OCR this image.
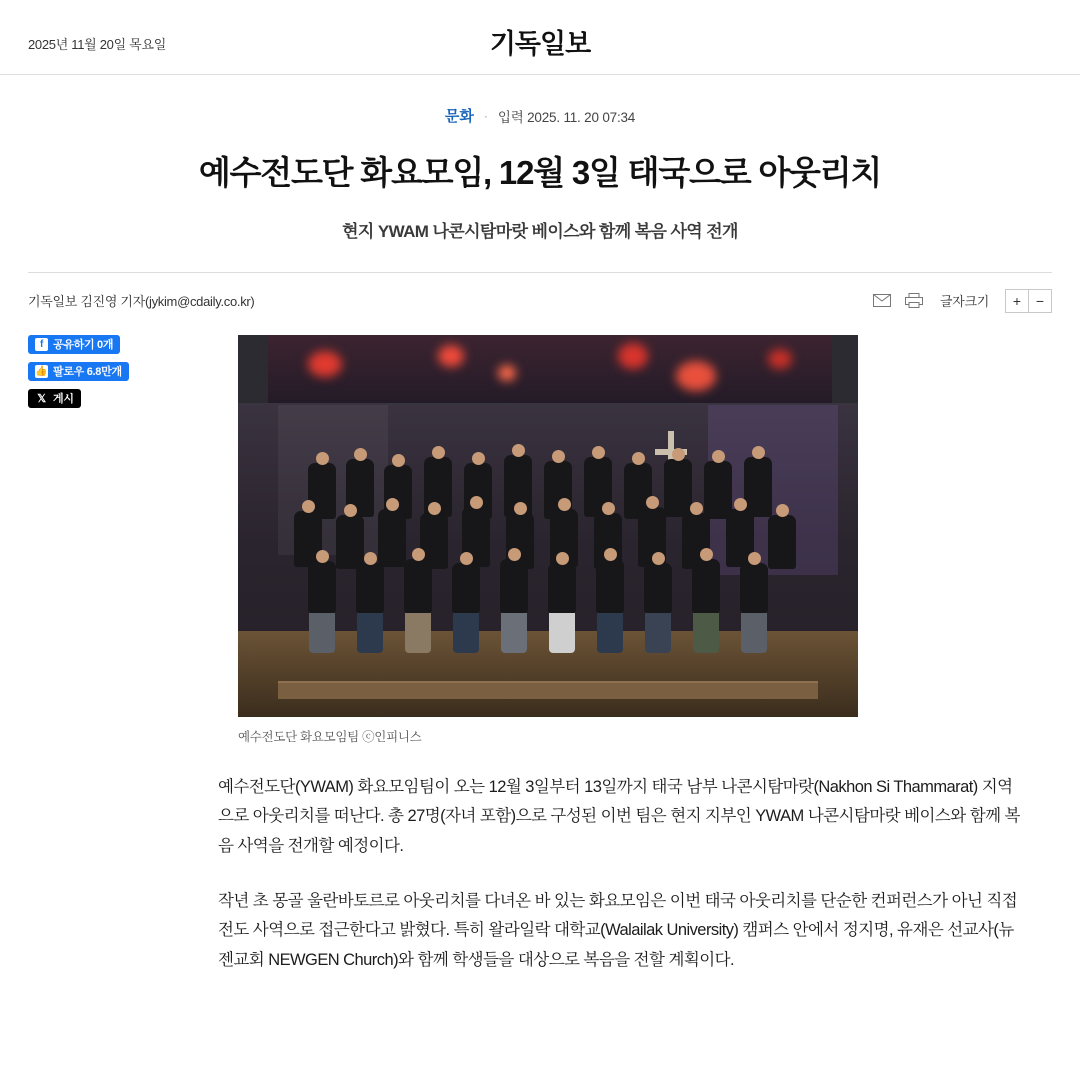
2025년 11월 20일 목요일	기독일보
문화 · 입력 2025. 11. 20 07:34
예수전도단 화요모임, 12월 3일 태국으로 아웃리치
현지 YWAM 나콘시탐마랏 베이스와 함께 복음 사역 전개
기독일보 김진영 기자(jykim@cdaily.co.kr)	글자크기	+	−
f 공유하기 0개
👍 팔로우 6.8만개
𝕏 게시
예수전도단 화요모임팀 ⓒ인피니스

예수전도단(YWAM) 화요모임팀이 오는 12월 3일부터 13일까지 태국 남부 나콘시탐마랏(Nakhon Si Thammarat) 지역으로 아웃리치를 떠난다. 총 27명(자녀 포함)으로 구성된 이번 팀은 현지 지부인 YWAM 나콘시탐마랏 베이스와 함께 복음 사역을 전개할 예정이다.

작년 초 몽골 울란바토르로 아웃리치를 다녀온 바 있는 화요모임은 이번 태국 아웃리치를 단순한 컨퍼런스가 아닌 직접 전도 사역으로 접근한다고 밝혔다. 특히 왈라일락 대학교(Walailak University) 캠퍼스 안에서 정지명, 유재은 선교사(뉴젠교회 NEWGEN Church)와 함께 학생들을 대상으로 복음을 전할 계획이다.
